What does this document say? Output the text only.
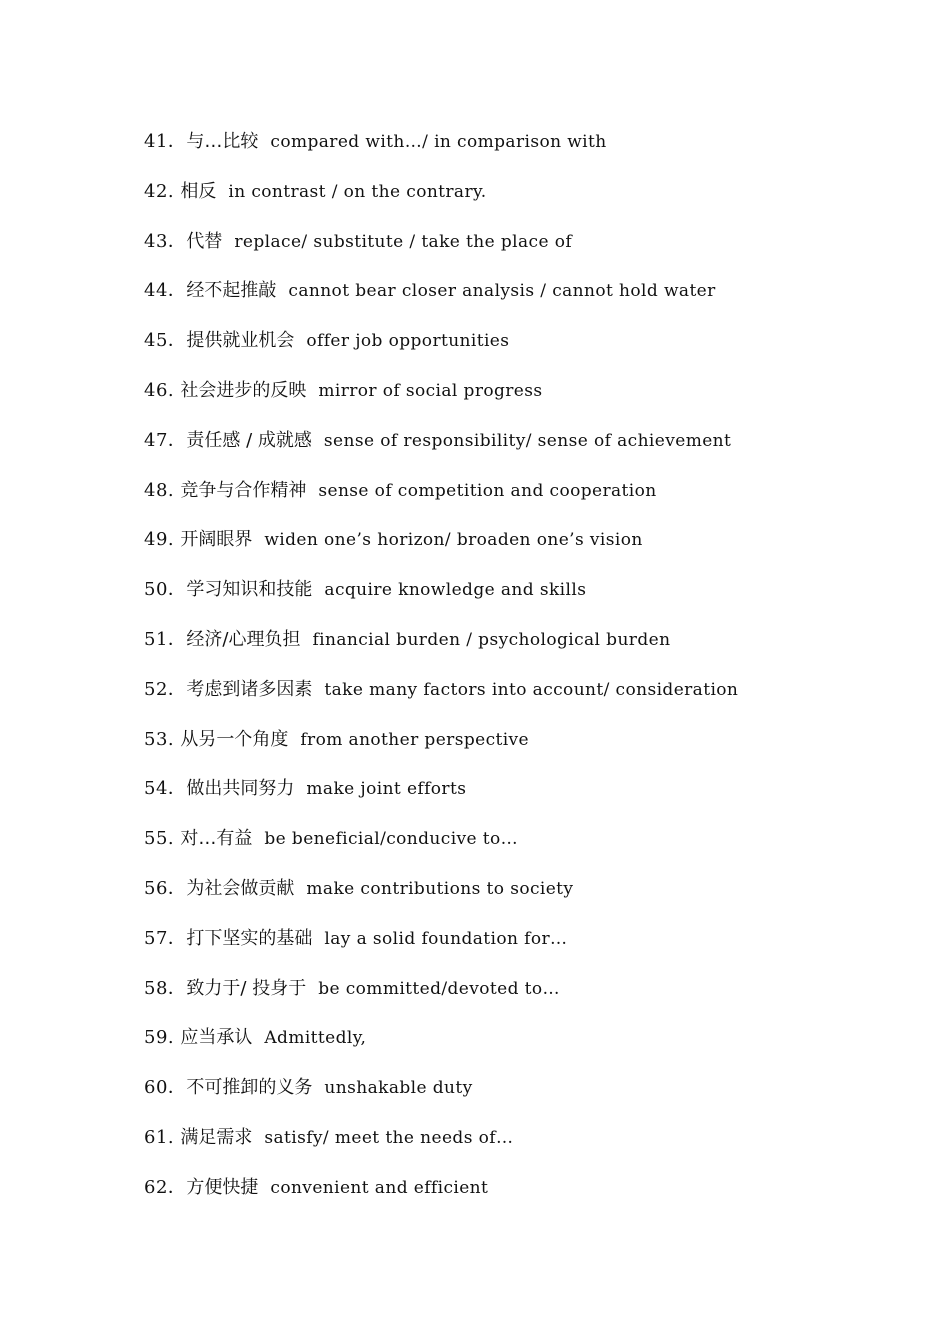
41．与…比较 compared with…/ in comparison with
42. 相反 in contrast / on the contrary.
43．代替 replace/ substitute / take the place of
44．经不起推敲 cannot bear closer analysis / cannot hold water
45．提供就业机会 offer job opportunities
46. 社会进步的反映 mirror of social progress
47．责任感 / 成就感 sense of responsibility/ sense of achievement
48. 竞争与合作精神 sense of competition and cooperation
49. 开阔眼界 widen one’s horizon/ broaden one’s vision
50．学习知识和技能 acquire knowledge and skills
51．经济/心理负担 financial burden / psychological burden
52．考虑到诸多因素 take many factors into account/ consideration
53. 从另一个角度 from another perspective
54．做出共同努力 make joint efforts
55. 对…有益 be beneficial/conducive to…
56．为社会做贡献 make contributions to society
57．打下坚实的基础 lay a solid foundation for…
58．致力于/ 投身于 be committed/devoted to…
59. 应当承认 Admittedly,
60．不可推卸的义务 unshakable duty
61. 满足需求 satisfy/ meet the needs of…
62．方便快捷 convenient and efficient
